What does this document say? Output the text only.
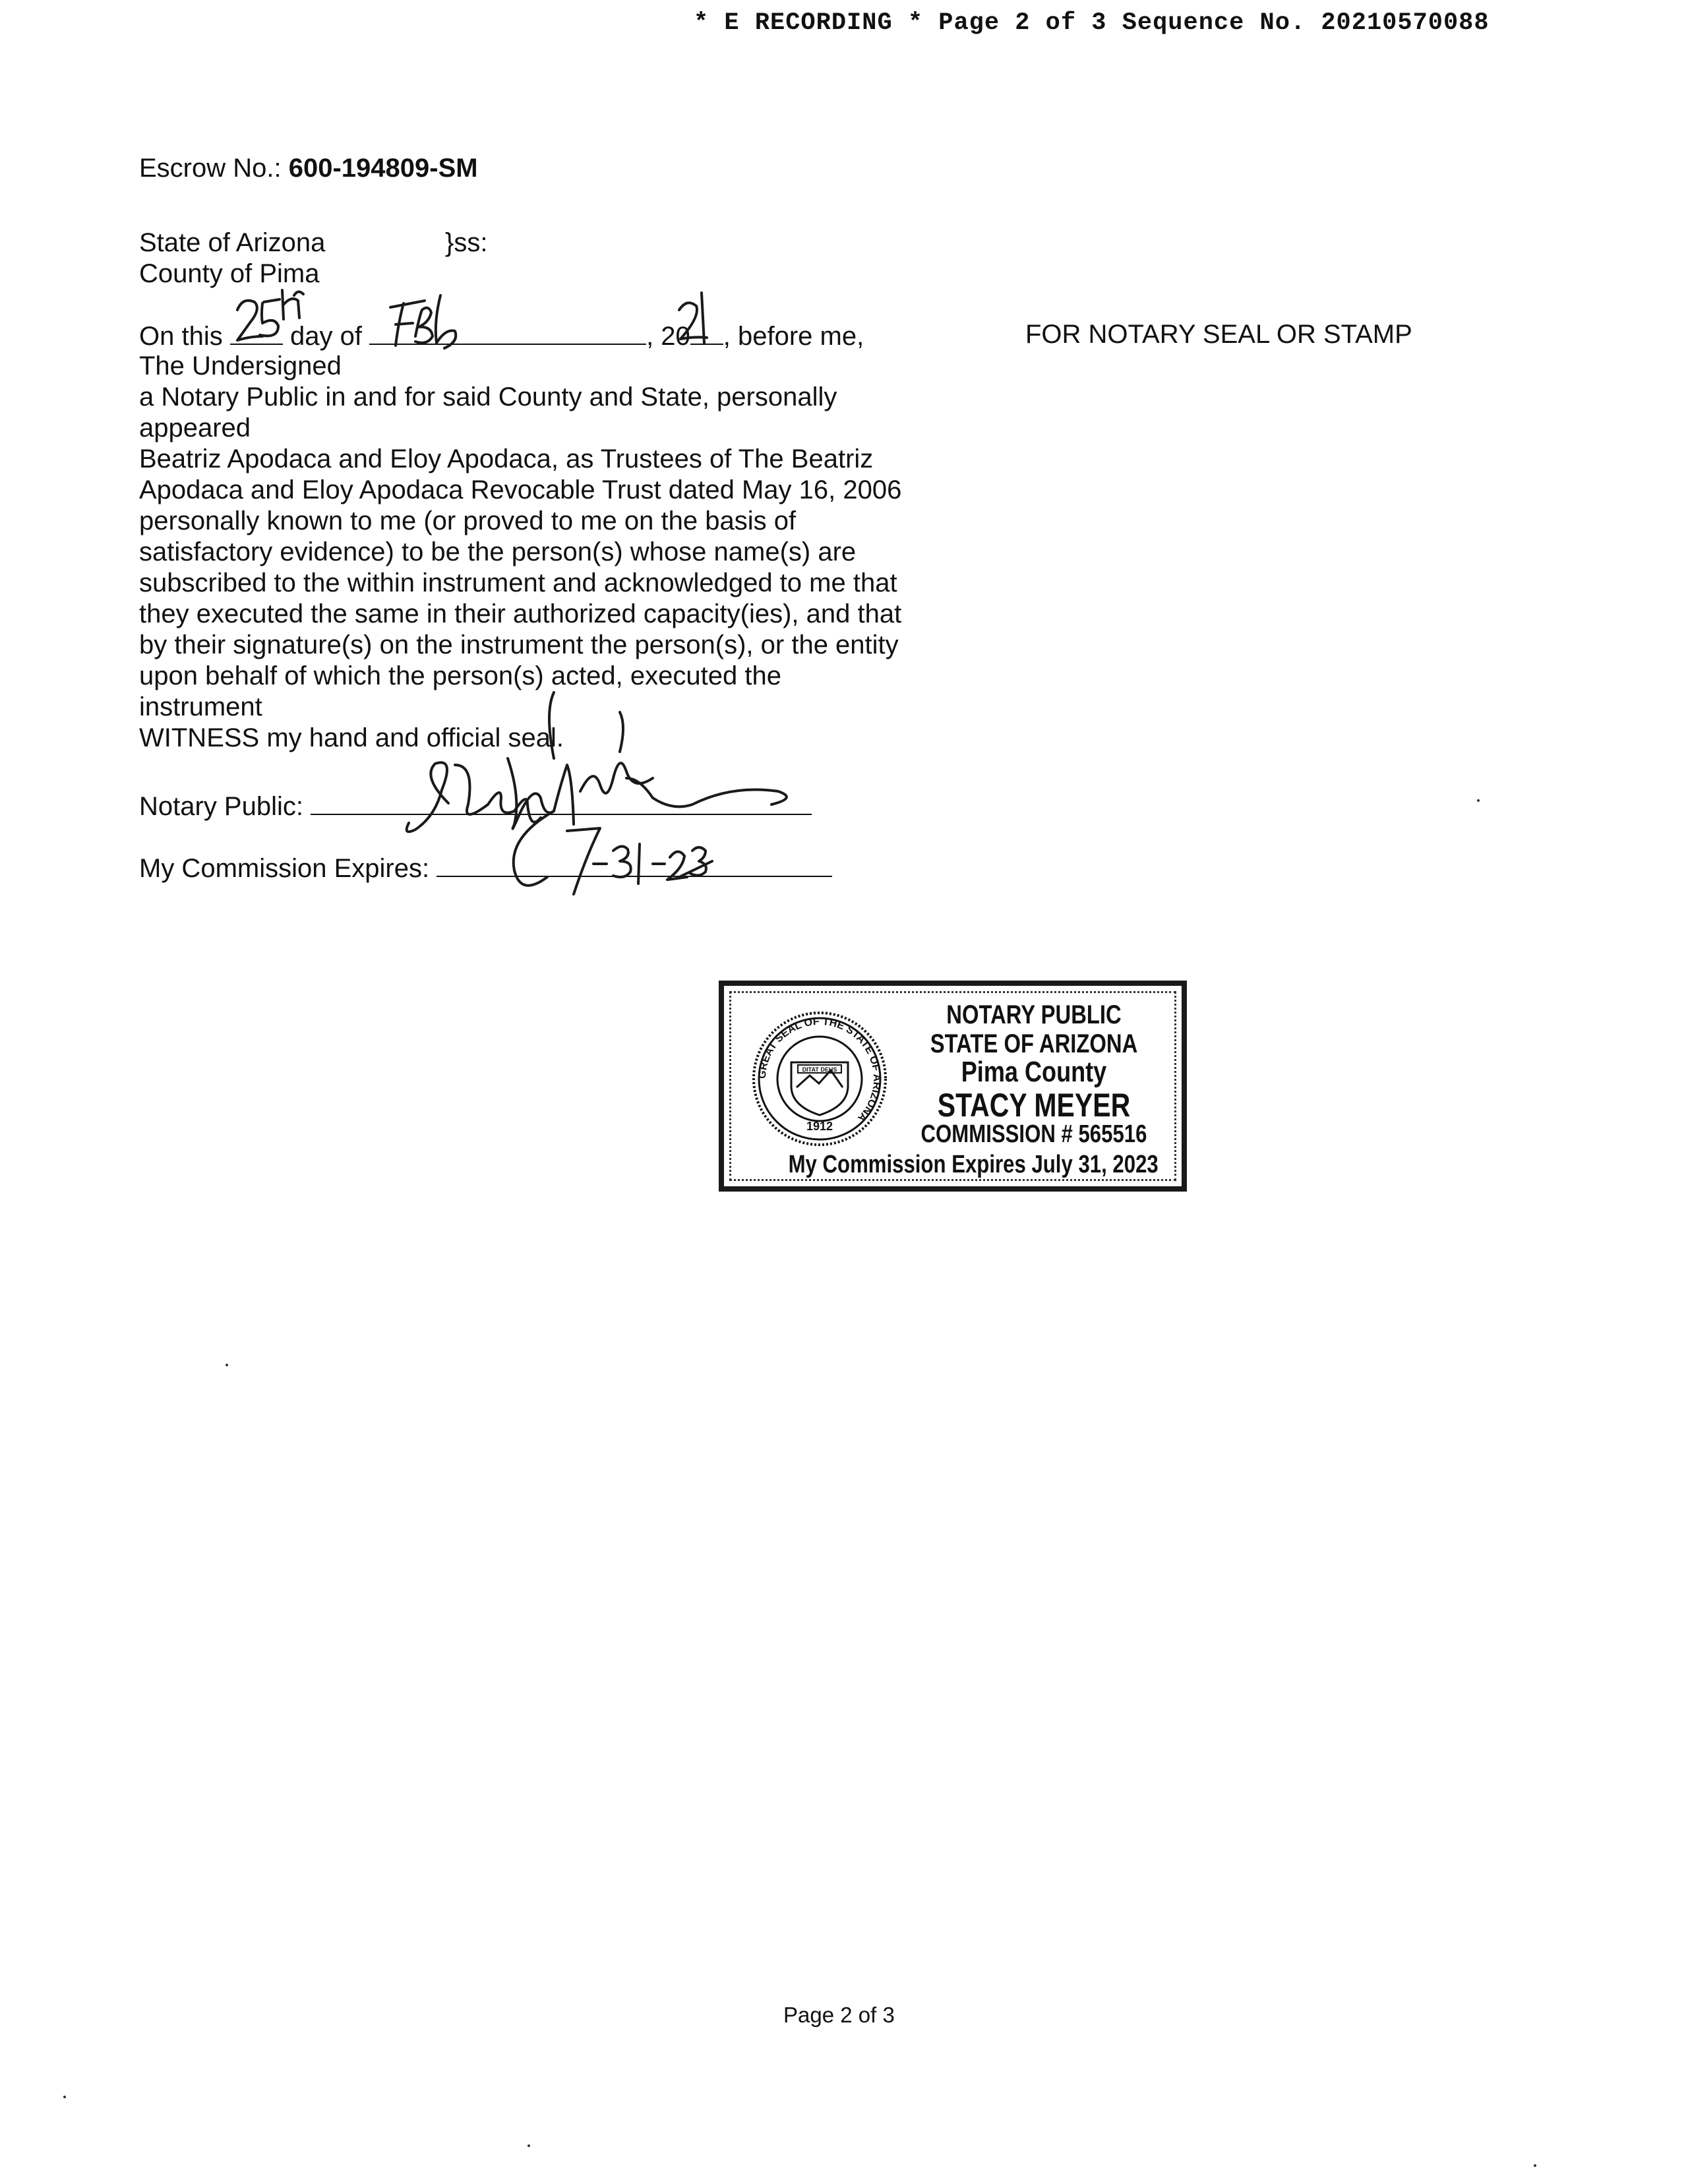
* E RECORDING * Page 2 of 3 Sequence No. 20210570088
Escrow No.: 600-194809-SM
State of Arizona	}ss:
County of Pima
On this	day of	, 20 , before me,
The Undersigned
a Notary Public in and for said County and State, personally
appeared
Beatriz Apodaca and Eloy Apodaca, as Trustees of The Beatriz
Apodaca and Eloy Apodaca Revocable Trust dated May 16, 2006
personally known to me (or proved to me on the basis of
satisfactory evidence) to be the person(s) whose name(s) are
subscribed to the within instrument and acknowledged to me that
they executed the same in their authorized capacity(ies), and that
by their signature(s) on the instrument the person(s), or the entity
upon behalf of which the person(s) acted, executed the
instrument
WITNESS my hand and official seal.
FOR NOTARY SEAL OR STAMP
Notary Public:
My Commission Expires:
GREAT SEAL OF THE STATE OF ARIZONA
DITAT DEUS
1912
NOTARY PUBLIC
STATE OF ARIZONA
Pima County
STACY MEYER
COMMISSION # 565516
My Commission Expires July 31, 2023
Page 2 of 3
